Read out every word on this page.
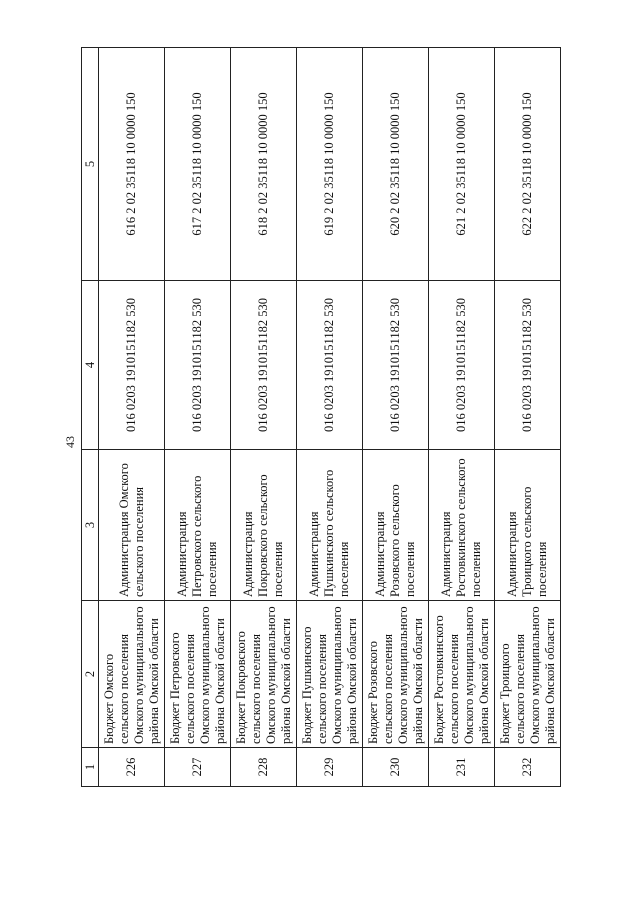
43
1	2	3	4	5
226	Бюджет Омского сельского поселения Омского муниципального района Омской области	Администрация Омского сельского поселения	016 0203 1910151182 530	616 2 02 35118 10 0000 150
227	Бюджет Петровского сельского поселения Омского муниципального района Омской области	Администрация Петровского сельского поселения	016 0203 1910151182 530	617 2 02 35118 10 0000 150
228	Бюджет Покровского сельского поселения Омского муниципального района Омской области	Администрация Покровского сельского поселения	016 0203 1910151182 530	618 2 02 35118 10 0000 150
229	Бюджет Пушкинского сельского поселения Омского муниципального района Омской области	Администрация Пушкинского сельского поселения	016 0203 1910151182 530	619 2 02 35118 10 0000 150
230	Бюджет Розовского сельского поселения Омского муниципального района Омской области	Администрация Розовского сельского поселения	016 0203 1910151182 530	620 2 02 35118 10 0000 150
231	Бюджет Ростовкинского сельского поселения Омского муниципального района Омской области	Администрация Ростовкинского сельского поселения	016 0203 1910151182 530	621 2 02 35118 10 0000 150
232	Бюджет Троицкого сельского поселения Омского муниципального района Омской области	Администрация Троицкого сельского поселения	016 0203 1910151182 530	622 2 02 35118 10 0000 150
